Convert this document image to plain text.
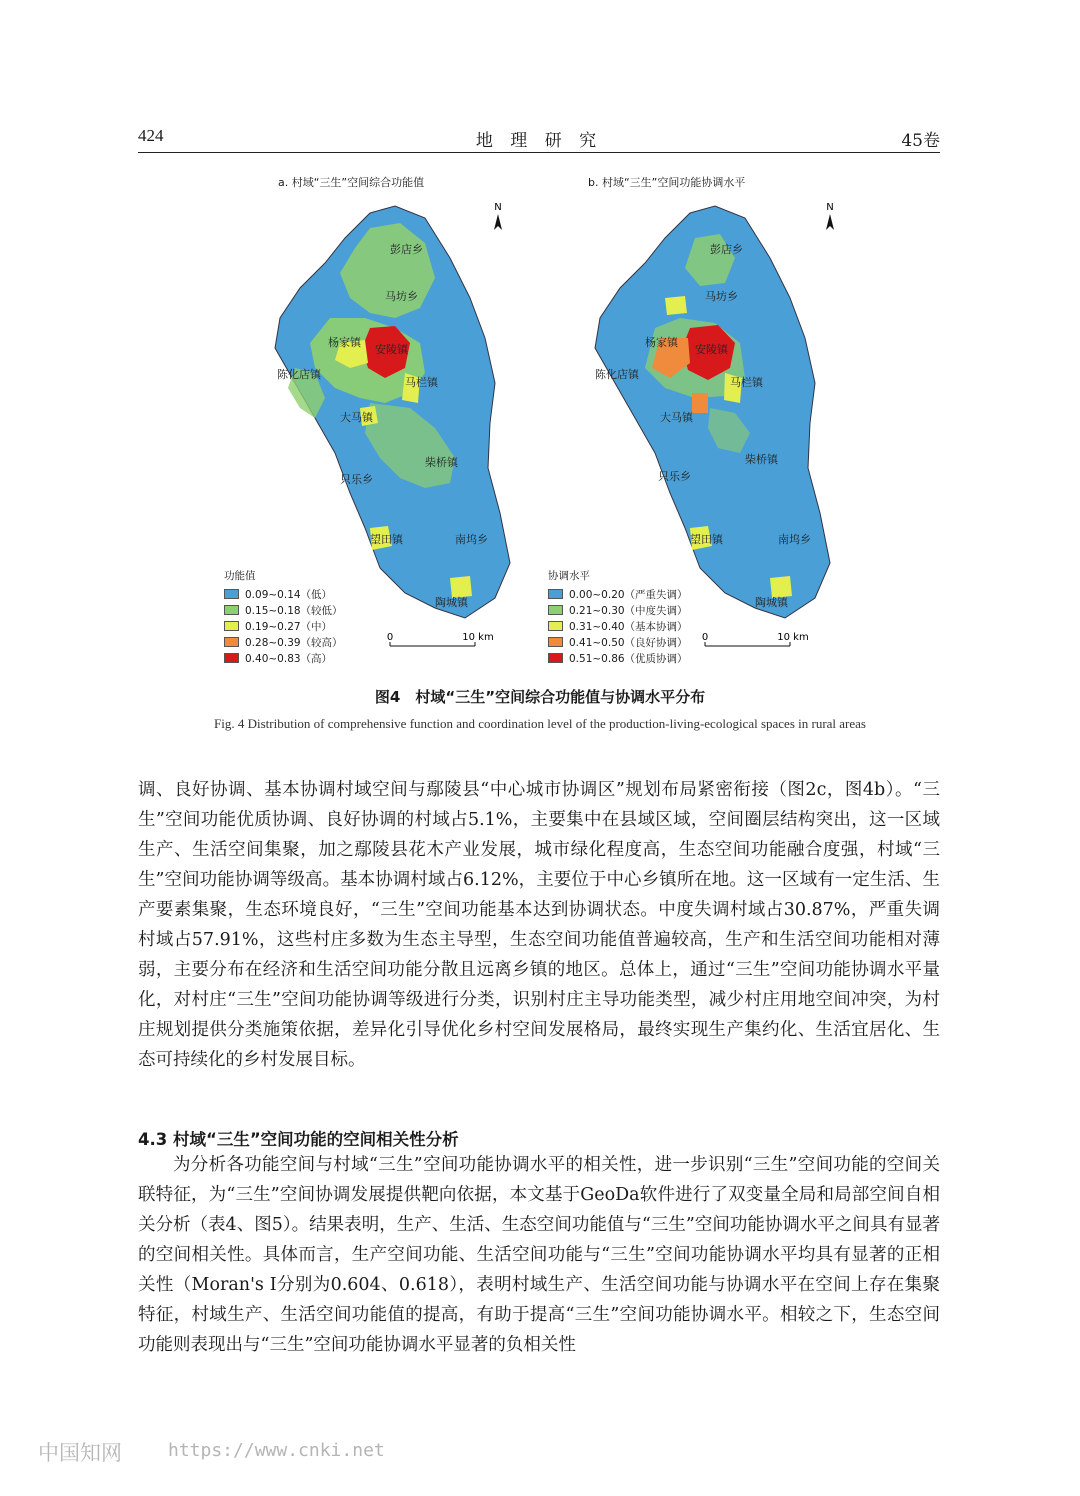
424	地 理 研 究	45卷
N
0	10 km
彭店乡
马坊乡
杨家镇
安陵镇
陈化店镇
马栏镇
大马镇
柴桥镇
只乐乡
望田镇	南坞乡
陶城镇
a. 村域“三生”空间综合功能值
功能值
0.09~0.14（低）
0.15~0.18（较低）
0.19~0.27（中）
0.28~0.39（较高）
0.40~0.83（高）
N
0	10 km
彭店乡
马坊乡
杨家镇
安陵镇
陈化店镇
马栏镇
大马镇
柴桥镇
只乐乡
望田镇	南坞乡
陶城镇
b. 村域“三生”空间功能协调水平
协调水平
0.00~0.20（严重失调）
0.21~0.30（中度失调）
0.31~0.40（基本协调）
0.41~0.50（良好协调）
0.51~0.86（优质协调）
图4　村域“三生”空间综合功能值与协调水平分布
Fig. 4 Distribution of comprehensive function and coordination level of the production-living-ecological spaces in rural areas
调、良好协调、基本协调村域空间与鄢陵县“中心城市协调区”规划布局紧密衔接（图2c，图4b）。“三生”空间功能优质协调、良好协调的村域占5.1%，主要集中在县域区域，空间圈层结构突出，这一区域生产、生活空间集聚，加之鄢陵县花木产业发展，城市绿化程度高，生态空间功能融合度强，村域“三生”空间功能协调等级高。基本协调村域占6.12%，主要位于中心乡镇所在地。这一区域有一定生活、生产要素集聚，生态环境良好，“三生”空间功能基本达到协调状态。中度失调村域占30.87%，严重失调村域占57.91%，这些村庄多数为生态主导型，生态空间功能值普遍较高，生产和生活空间功能相对薄弱，主要分布在经济和生活空间功能分散且远离乡镇的地区。总体上，通过“三生”空间功能协调水平量化，对村庄“三生”空间功能协调等级进行分类，识别村庄主导功能类型，减少村庄用地空间冲突，为村庄规划提供分类施策依据，差异化引导优化乡村空间发展格局，最终实现生产集约化、生活宜居化、生态可持续化的乡村发展目标。
4.3 村域“三生”空间功能的空间相关性分析
为分析各功能空间与村域“三生”空间功能协调水平的相关性，进一步识别“三生”空间功能的空间关联特征，为“三生”空间协调发展提供靶向依据，本文基于GeoDa软件进行了双变量全局和局部空间自相关分析（表4、图5）。结果表明，生产、生活、生态空间功能值与“三生”空间功能协调水平之间具有显著的空间相关性。具体而言，生产空间功能、生活空间功能与“三生”空间功能协调水平均具有显著的正相关性（Moran's I分别为0.604、0.618），表明村域生产、生活空间功能与协调水平在空间上存在集聚特征，村域生产、生活空间功能值的提高，有助于提高“三生”空间功能协调水平。相较之下，生态空间功能则表现出与“三生”空间功能协调水平显著的负相关性
中国知网	https://www.cnki.net
